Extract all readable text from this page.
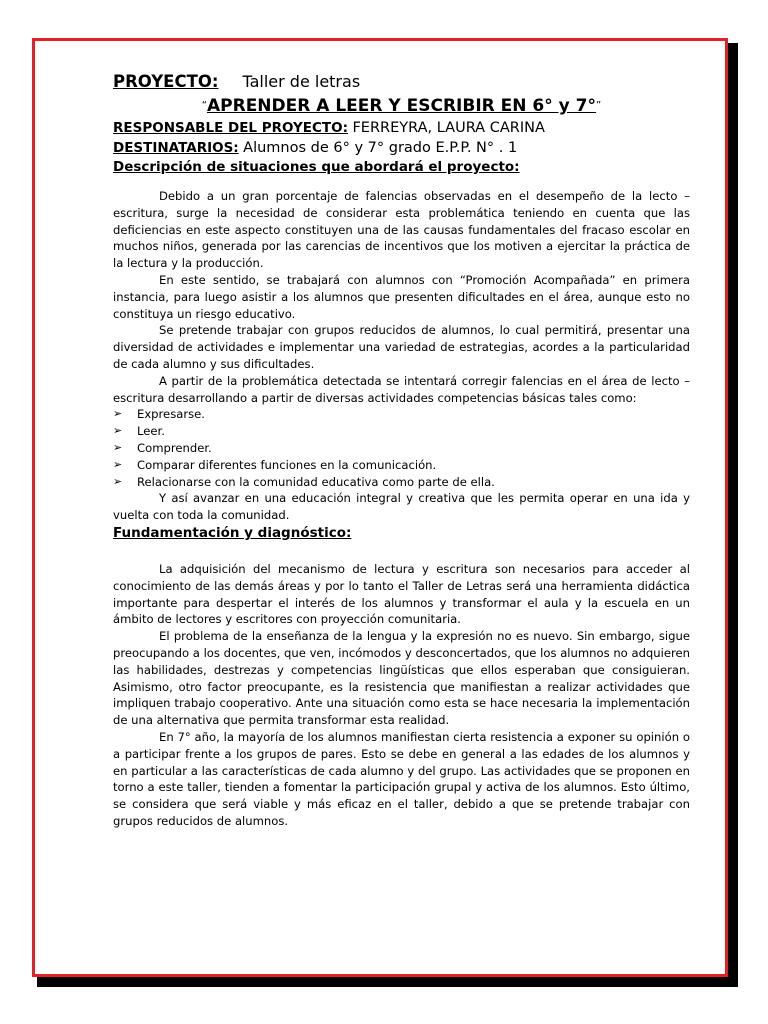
PROYECTO: Taller de letras

“APRENDER A LEER Y ESCRIBIR EN 6° y 7°”

RESPONSABLE DEL PROYECTO: FERREYRA, LAURA CARINA

DESTINATARIOS: Alumnos de 6° y 7° grado E.P.P. N° . 1

Descripción de situaciones que abordará el proyecto:

Debido a un gran porcentaje de falencias observadas en el desempeño de la lecto – escritura, surge la necesidad de considerar esta problemática teniendo en cuenta que las deficiencias en este aspecto constituyen una de las causas fundamentales del fracaso escolar en muchos niños, generada por las carencias de incentivos que los motiven a ejercitar la práctica de la lectura y la producción.

En este sentido, se trabajará con alumnos con “Promoción Acompañada” en primera instancia, para luego asistir a los alumnos que presenten dificultades en el área, aunque esto no constituya un riesgo educativo.

Se pretende trabajar con grupos reducidos de alumnos, lo cual permitirá, presentar una diversidad de actividades e implementar una variedad de estrategias, acordes a la particularidad de cada alumno y sus dificultades.

A partir de la problemática detectada se intentará corregir falencias en el área de lecto – escritura desarrollando a partir de diversas actividades competencias básicas tales como:

➢ Expresarse.
➢ Leer.
➢ Comprender.
➢ Comparar diferentes funciones en la comunicación.
➢ Relacionarse con la comunidad educativa como parte de ella.

Y así avanzar en una educación integral y creativa que les permita operar en una ida y vuelta con toda la comunidad.

Fundamentación y diagnóstico:

La adquisición del mecanismo de lectura y escritura son necesarios para acceder al conocimiento de las demás áreas y por lo tanto el Taller de Letras será una herramienta didáctica importante para despertar el interés de los alumnos y transformar el aula y la escuela en un ámbito de lectores y escritores con proyección comunitaria.

El problema de la enseñanza de la lengua y la expresión no es nuevo. Sin embargo, sigue preocupando a los docentes, que ven, incómodos y desconcertados, que los alumnos no adquieren las habilidades, destrezas y competencias lingüísticas que ellos esperaban que consiguieran. Asimismo, otro factor preocupante, es la resistencia que manifiestan a realizar actividades que impliquen trabajo cooperativo. Ante una situación como esta se hace necesaria la implementación de una alternativa que permita transformar esta realidad.

En 7° año, la mayoría de los alumnos manifiestan cierta resistencia a exponer su opinión o a participar frente a los grupos de pares. Esto se debe en general a las edades de los alumnos y en particular a las características de cada alumno y del grupo. Las actividades que se proponen en torno a este taller, tienden a fomentar la participación grupal y activa de los alumnos. Esto último, se considera que será viable y más eficaz en el taller, debido a que se pretende trabajar con grupos reducidos de alumnos.
